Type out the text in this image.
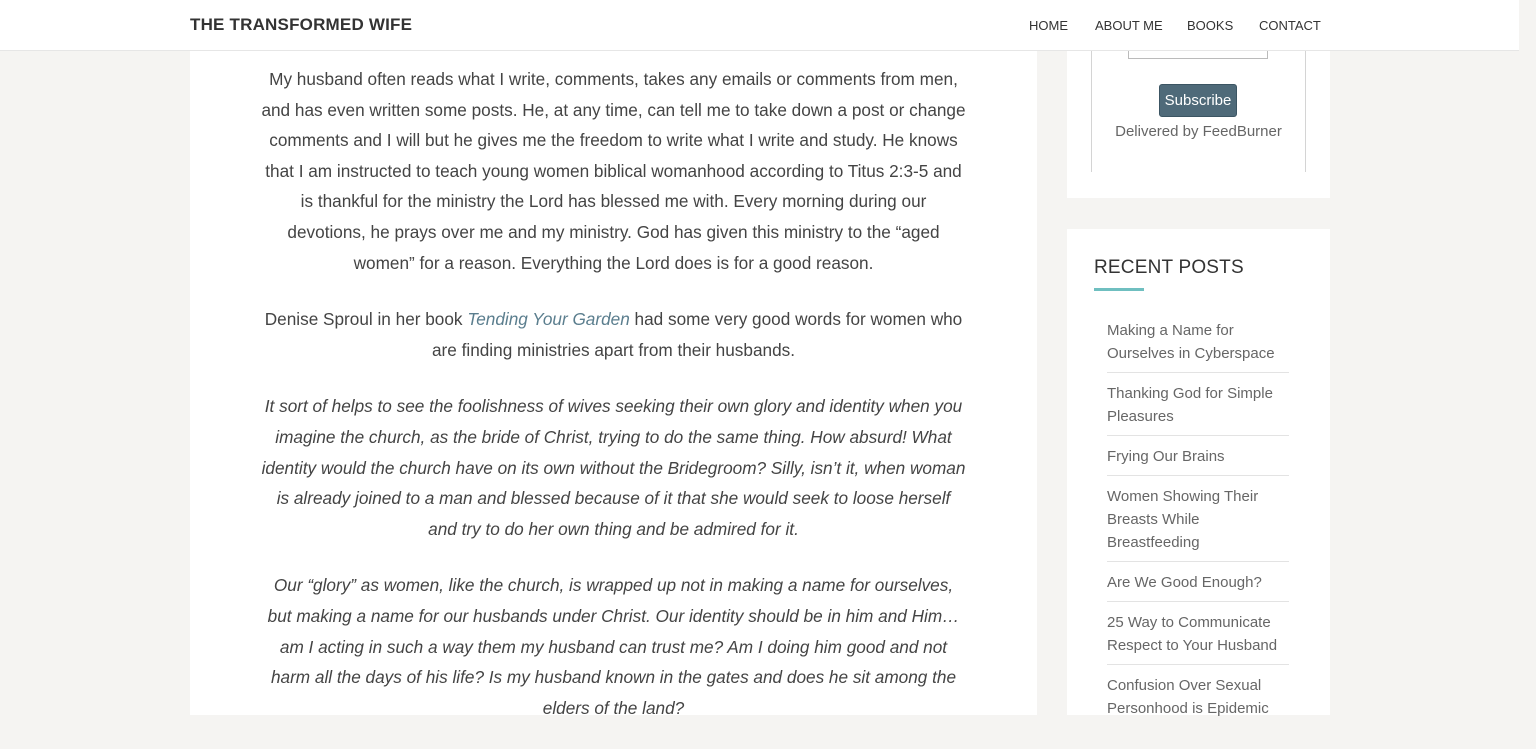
THE TRANSFORMED WIFE	HOME ABOUT ME BOOKS CONTACT

My husband often reads what I write, comments, takes any emails or comments from men, and has even written some posts. He, at any time, can tell me to take down a post or change comments and I will but he gives me the freedom to write what I write and study. He knows that I am instructed to teach young women biblical womanhood according to Titus 2:3-5 and is thankful for the ministry the Lord has blessed me with. Every morning during our devotions, he prays over me and my ministry. God has given this ministry to the “aged women” for a reason. Everything the Lord does is for a good reason.

Denise Sproul in her book Tending Your Garden had some very good words for women who are finding ministries apart from their husbands.

It sort of helps to see the foolishness of wives seeking their own glory and identity when you imagine the church, as the bride of Christ, trying to do the same thing. How absurd! What identity would the church have on its own without the Bridegroom? Silly, isn’t it, when woman is already joined to a man and blessed because of it that she would seek to loose herself and try to do her own thing and be admired for it.

Our “glory” as women, like the church, is wrapped up not in making a name for ourselves, but making a name for our husbands under Christ. Our identity should be in him and Him…am I acting in such a way them my husband can trust me? Am I doing him good and not harm all the days of his life? Is my husband known in the gates and does he sit among the elders of the land?

Subscribe
Delivered by FeedBurner
RECENT POSTS
Making a Name for Ourselves in Cyberspace
Thanking God for Simple Pleasures
Frying Our Brains
Women Showing Their Breasts While Breastfeeding
Are We Good Enough?
25 Way to Communicate Respect to Your Husband
Confusion Over Sexual Personhood is Epidemic
